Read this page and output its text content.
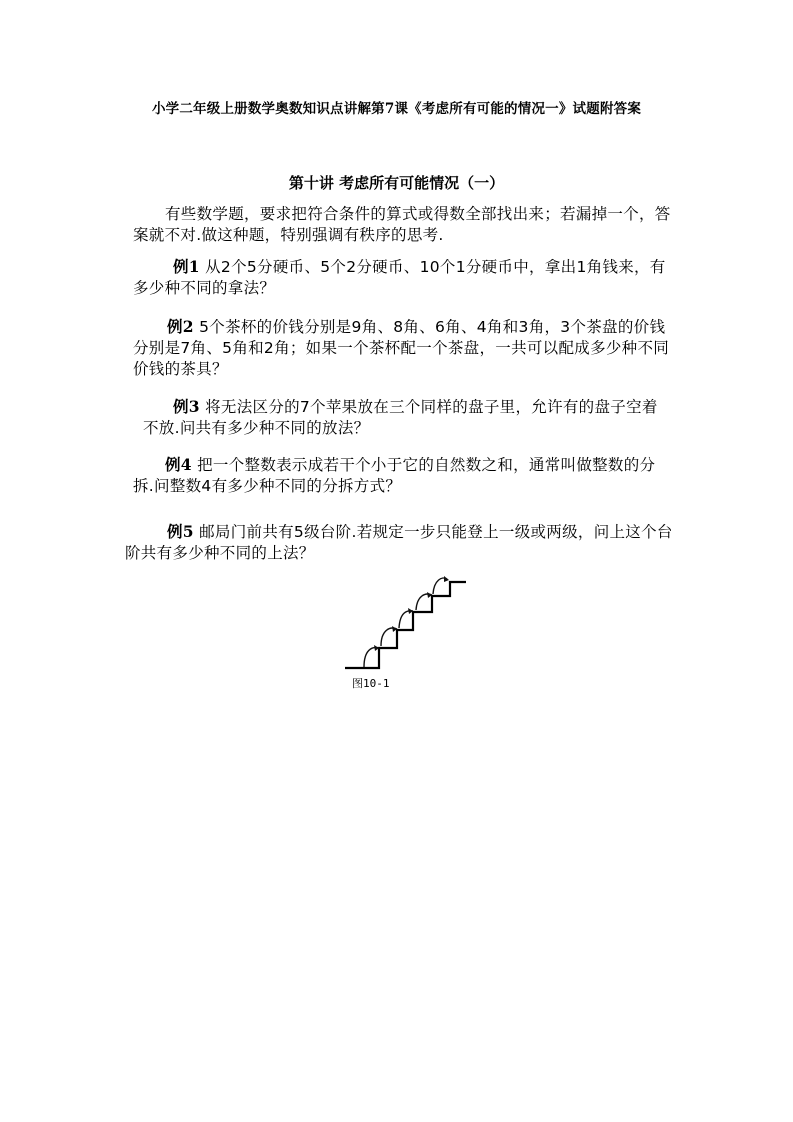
小学二年级上册数学奥数知识点讲解第7课《考虑所有可能的情况一》试题附答案
第十讲 考虑所有可能情况（一）
有些数学题，要求把符合条件的算式或得数全部找出来；若漏掉一个，答案就不对.做这种题，特别强调有秩序的思考.
例1 从2个5分硬币、5个2分硬币、10个1分硬币中，拿出1角钱来，有多少种不同的拿法？
例2 5个茶杯的价钱分别是9角、8角、6角、4角和3角，3个茶盘的价钱分别是7角、5角和2角；如果一个茶杯配一个茶盘，一共可以配成多少种不同价钱的茶具？
例3 将无法区分的7个苹果放在三个同样的盘子里，允许有的盘子空着不放.问共有多少种不同的放法？
例4 把一个整数表示成若干个小于它的自然数之和，通常叫做整数的分拆.问整数4有多少种不同的分拆方式？
例5 邮局门前共有5级台阶.若规定一步只能登上一级或两级，问上这个台阶共有多少种不同的上法？
图10-1
